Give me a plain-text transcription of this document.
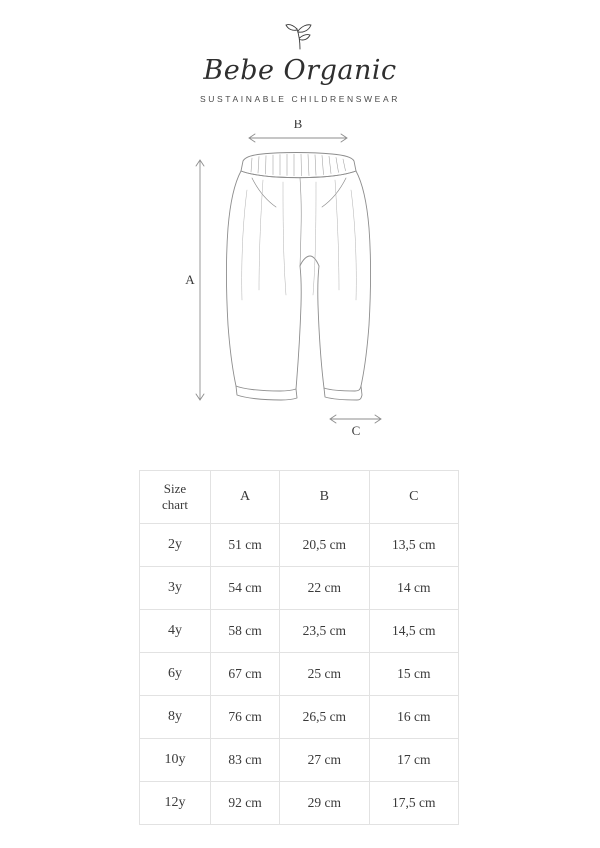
Bebe Organic
SUSTAINABLE CHILDRENSWEAR
B
A
C
Size
chart	A	B	C
2y	51 cm	20,5 cm	13,5 cm
3y	54 cm	22 cm	14 cm
4y	58 cm	23,5 cm	14,5 cm
6y	67 cm	25 cm	15 cm
8y	76 cm	26,5 cm	16 cm
10y	83 cm	27 cm	17 cm
12y	92 cm	29 cm	17,5 cm
